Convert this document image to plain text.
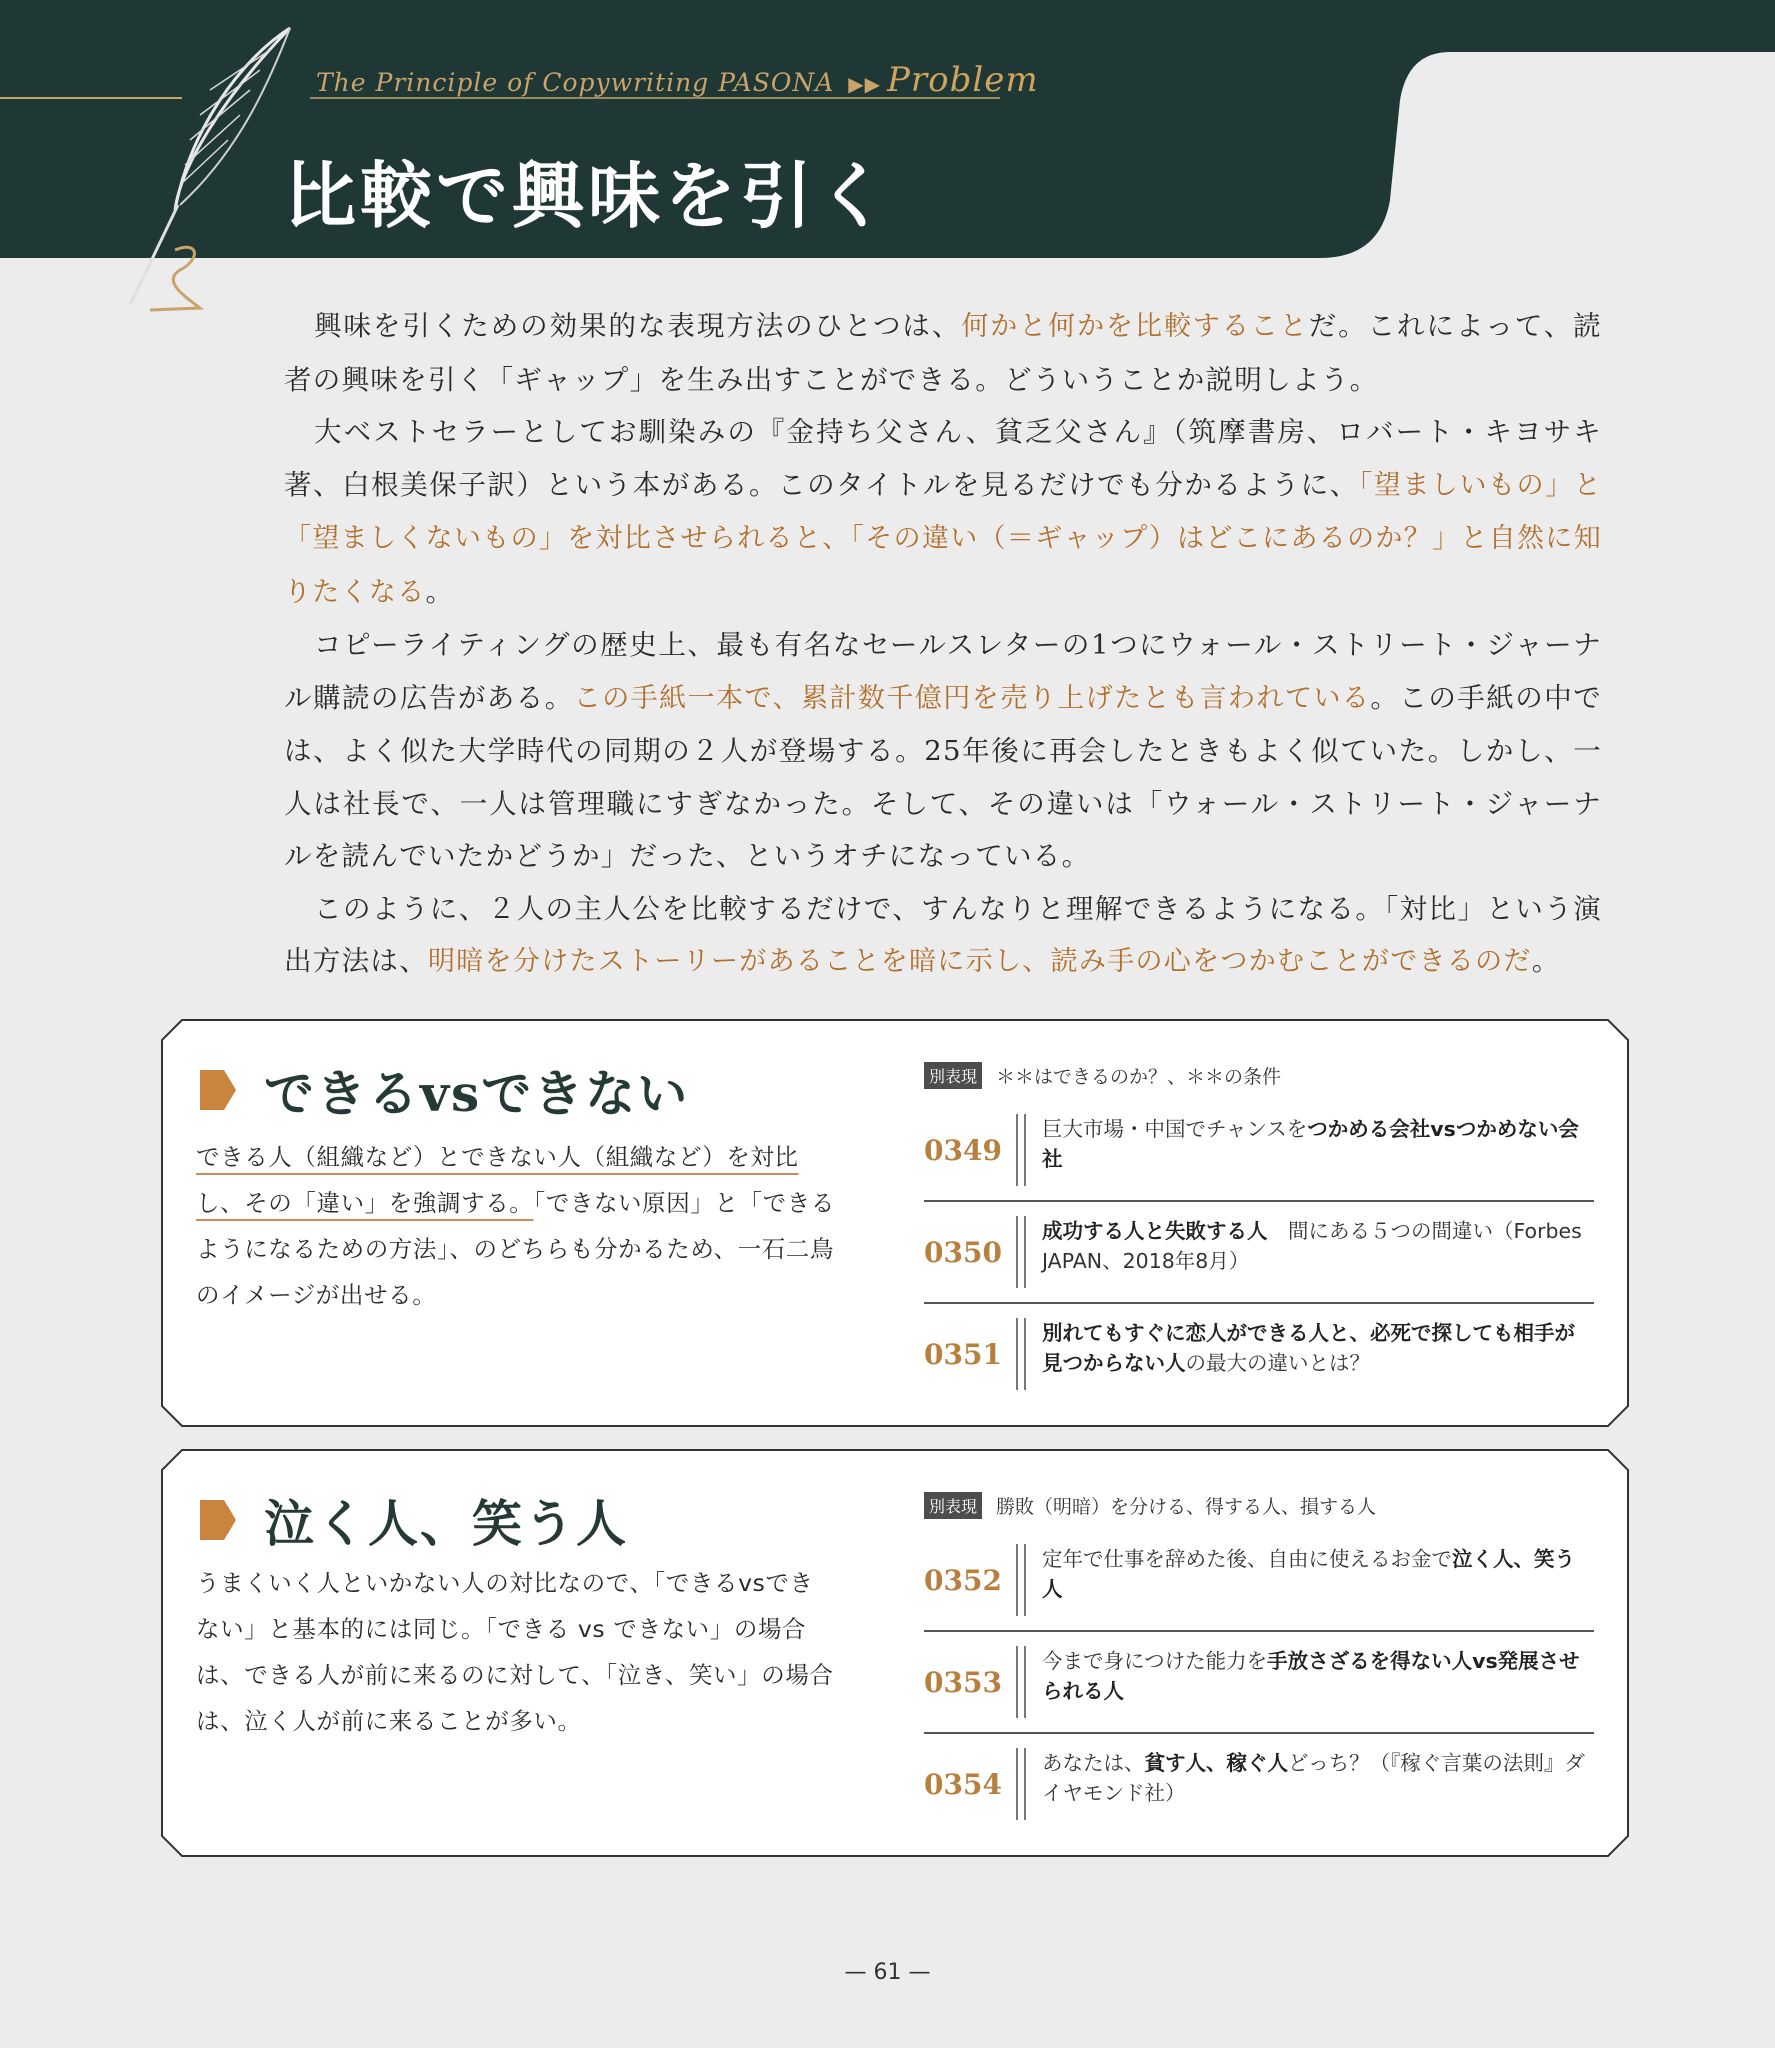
The Principle of Copywriting PASONA ▶▶ Problem
比較で興味を引く

興味を引くための効果的な表現方法のひとつは、何かと何かを比較することだ。これによって、読者の興味を引く「ギャップ」を生み出すことができる。どういうことか説明しよう。

大ベストセラーとしてお馴染みの『金持ち父さん、貧乏父さん』（筑摩書房、ロバート・キヨサキ著、白根美保子訳）という本がある。このタイトルを見るだけでも分かるように、「望ましいもの」と「望ましくないもの」を対比させられると、「その違い（＝ギャップ）はどこにあるのか？」と自然に知りたくなる。

コピーライティングの歴史上、最も有名なセールスレターの1つにウォール・ストリート・ジャーナル購読の広告がある。この手紙一本で、累計数千億円を売り上げたとも言われている。この手紙の中では、よく似た大学時代の同期の２人が登場する。25年後に再会したときもよく似ていた。しかし、一人は社長で、一人は管理職にすぎなかった。そして、その違いは「ウォール・ストリート・ジャーナルを読んでいたかどうか」だった、というオチになっている。

このように、２人の主人公を比較するだけで、すんなりと理解できるようになる。「対比」という演出方法は、明暗を分けたストーリーがあることを暗に示し、読み手の心をつかむことができるのだ。

できるvsできない
できる人（組織など）とできない人（組織など）を対比し、その「違い」を強調する。「できない原因」と「できるようになるための方法」、のどちらも分かるため、一石二鳥のイメージが出せる。
別表現 ＊＊はできるのか？、＊＊の条件
0349
巨大市場・中国でチャンスをつかめる会社vsつかめない会社
0350
成功する人と失敗する人　間にある５つの間違い（Forbes JAPAN、2018年8月）
0351
別れてもすぐに恋人ができる人と、必死で探しても相手が見つからない人の最大の違いとは？
泣く人、笑う人
うまくいく人といかない人の対比なので、「できるvsできない」と基本的には同じ。「できる vs できない」の場合は、できる人が前に来るのに対して、「泣き、笑い」の場合は、泣く人が前に来ることが多い。
別表現 勝敗（明暗）を分ける、得する人、損する人
0352
定年で仕事を辞めた後、自由に使えるお金で泣く人、笑う人
0353
今まで身につけた能力を手放さざるを得ない人vs発展させられる人
0354
あなたは、貧す人、稼ぐ人どっち？（『稼ぐ言葉の法則』ダイヤモンド社）
— 61 —
